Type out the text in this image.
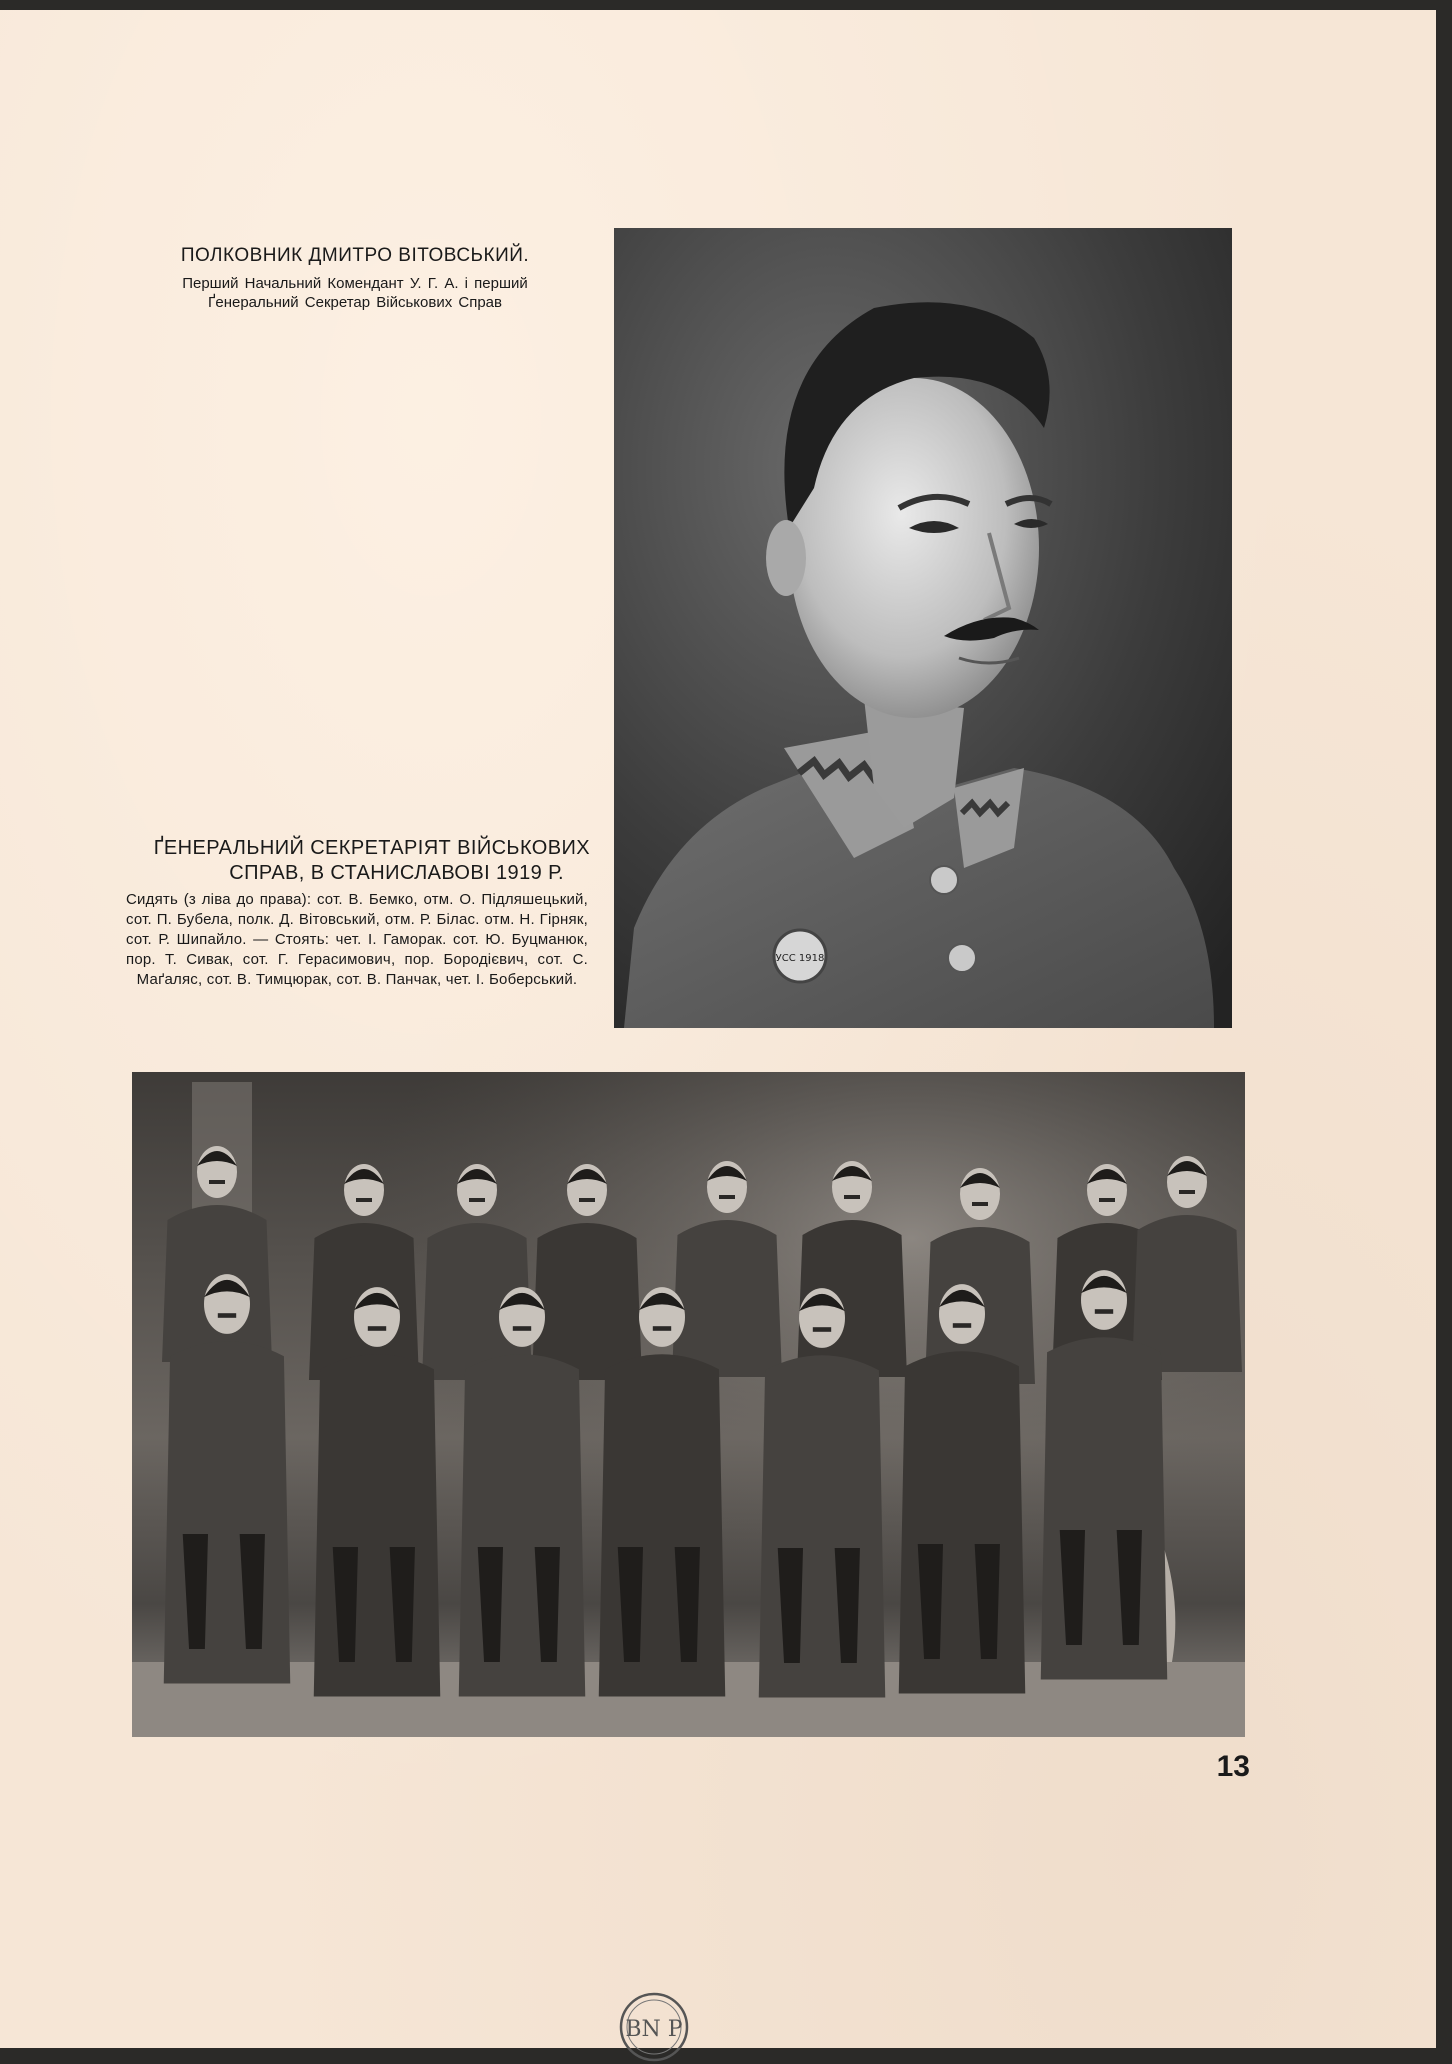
ПОЛКОВНИК ДМИТРО ВІТОВСЬКИЙ.
Перший Начальний Комендант У. Г. А. і перший
Ґенеральний Секретар Військових Справ
УСС 1918
ҐЕНЕРАЛЬНИЙ СЕКРЕТАРІЯТ ВІЙСЬКОВИХ
СПРАВ, В СТАНИСЛАВОВІ 1919 Р.
Сидять (з ліва до права): сот. В. Бемко, отм. О. Підляшецький, сот. П. Бубела, полк. Д. Вітовський, отм. Р. Білас. отм. Н. Гірняк, сот. Р. Шипайло. — Стоять: чет. І. Гаморак. сот. Ю. Буцманюк, пор. Т. Сивак, сот. Г. Герасимович, пор. Бородієвич, сот. С. Маґаляс, сот. В. Тимцюрак, сот. В. Панчак, чет. І. Боберський.
13
BN P
